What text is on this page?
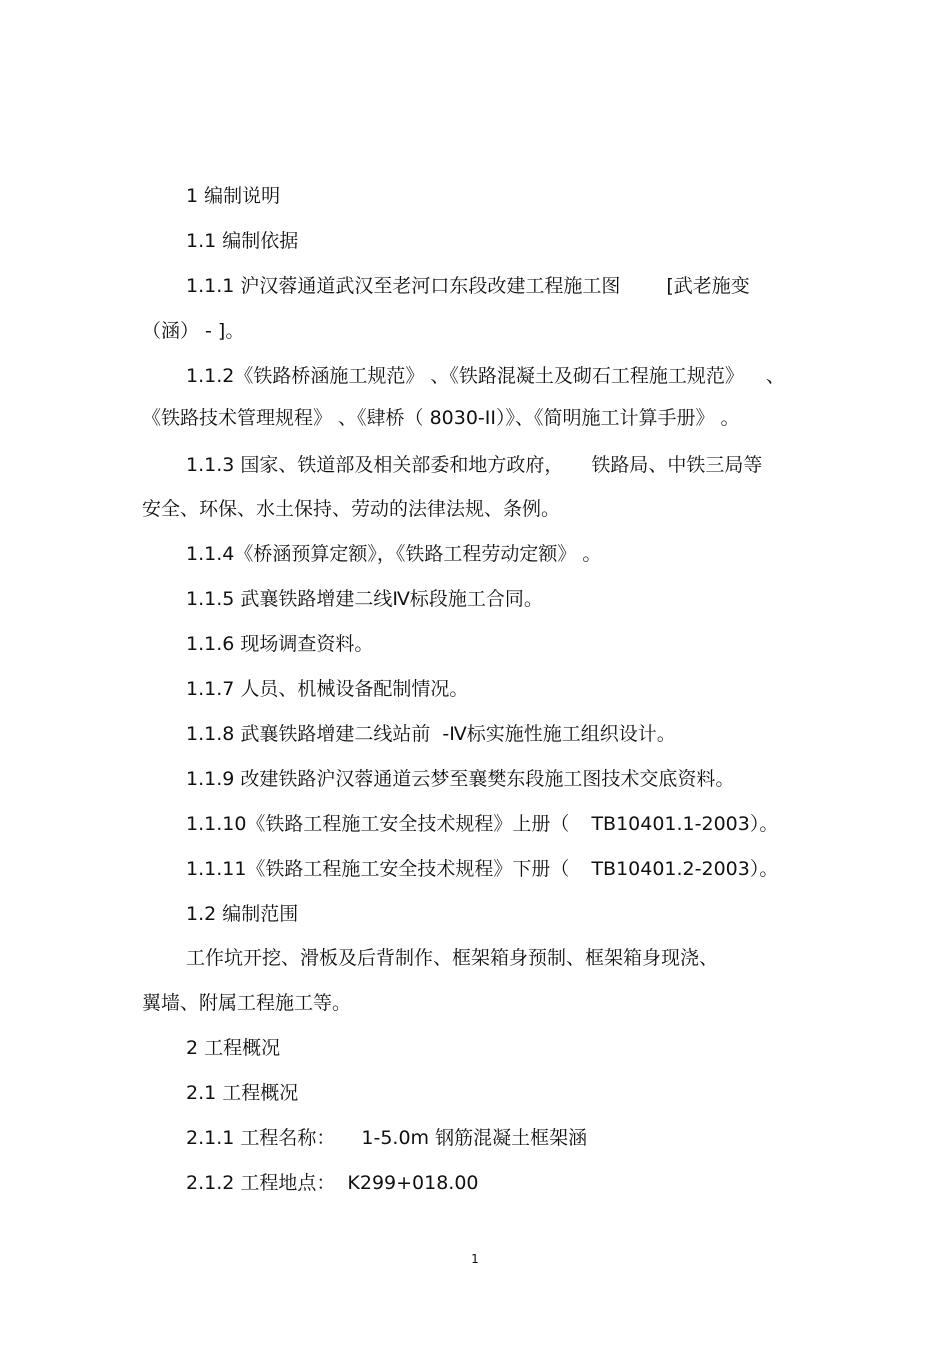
1 编制说明
1.1 编制依据
1.1.1 沪汉蓉通道武汉至老河口东段改建工程施工图 [武老施变
（涵） - ]。
1.1.2《铁路桥涵施工规范》 、《铁路混凝土及砌石工程施工规范》 、
《铁路技术管理规程》 、《肆桥（ 8030-II）》、《简明施工计算手册》 。
1.1.3 国家、铁道部及相关部委和地方政府， 铁路局、中铁三局等
安全、环保、水土保持、劳动的法律法规、条例。
1.1.4《桥涵预算定额》，《铁路工程劳动定额》 。
1.1.5 武襄铁路增建二线Ⅳ标段施工合同。
1.1.6 现场调查资料。
1.1.7 人员、机械设备配制情况。
1.1.8 武襄铁路增建二线站前 -Ⅳ标实施性施工组织设计。
1.1.9 改建铁路沪汉蓉通道云梦至襄樊东段施工图技术交底资料。
1.1.10《铁路工程施工安全技术规程》上册（ TB10401.1-2003）。
1.1.11《铁路工程施工安全技术规程》下册（ TB10401.2-2003）。
1.2 编制范围
工作坑开挖、滑板及后背制作、框架箱身预制、框架箱身现浇、
翼墙、附属工程施工等。
2 工程概况
2.1 工程概况
2.1.1 工程名称： 1-5.0m 钢筋混凝土框架涵
2.1.2 工程地点： K299+018.00
1
